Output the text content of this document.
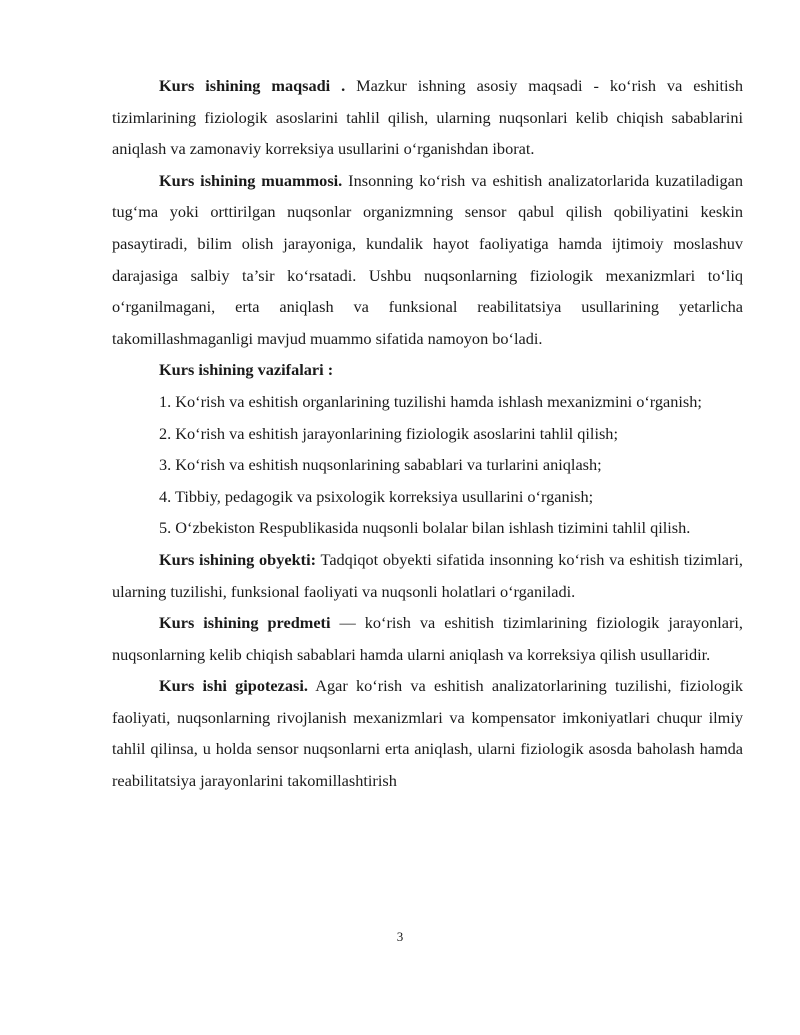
Kurs ishining maqsadi . Mazkur ishning asosiy maqsadi - ko‘rish va eshitish tizimlarining fiziologik asoslarini tahlil qilish, ularning nuqsonlari kelib chiqish sabablarini aniqlash va zamonaviy korreksiya usullarini o‘rganishdan iborat.

Kurs ishining muammosi. Insonning ko‘rish va eshitish analizatorlarida kuzatiladigan tug‘ma yoki orttirilgan nuqsonlar organizmning sensor qabul qilish qobiliyatini keskin pasaytiradi, bilim olish jarayoniga, kundalik hayot faoliyatiga hamda ijtimoiy moslashuv darajasiga salbiy ta’sir ko‘rsatadi. Ushbu nuqsonlarning fiziologik mexanizmlari to‘liq o‘rganilmagani, erta aniqlash va funksional reabilitatsiya usullarining yetarlicha takomillashmaganligi mavjud muammo sifatida namoyon bo‘ladi.

Kurs ishining vazifalari :

1. Ko‘rish va eshitish organlarining tuzilishi hamda ishlash mexanizmini o‘rganish;

2. Ko‘rish va eshitish jarayonlarining fiziologik asoslarini tahlil qilish;

3. Ko‘rish va eshitish nuqsonlarining sabablari va turlarini aniqlash;

4. Tibbiy, pedagogik va psixologik korreksiya usullarini o‘rganish;

5. O‘zbekiston Respublikasida nuqsonli bolalar bilan ishlash tizimini tahlil qilish.

Kurs ishining obyekti: Tadqiqot obyekti sifatida insonning ko‘rish va eshitish tizimlari, ularning tuzilishi, funksional faoliyati va nuqsonli holatlari o‘rganiladi.

Kurs ishining predmeti — ko‘rish va eshitish tizimlarining fiziologik jarayonlari, nuqsonlarning kelib chiqish sabablari hamda ularni aniqlash va korreksiya qilish usullaridir.

Kurs ishi gipotezasi. Agar ko‘rish va eshitish analizatorlarining tuzilishi, fiziologik faoliyati, nuqsonlarning rivojlanish mexanizmlari va kompensator imkoniyatlari chuqur ilmiy tahlil qilinsa, u holda sensor nuqsonlarni erta aniqlash, ularni fiziologik asosda baholash hamda reabilitatsiya jarayonlarini takomillashtirish

3
